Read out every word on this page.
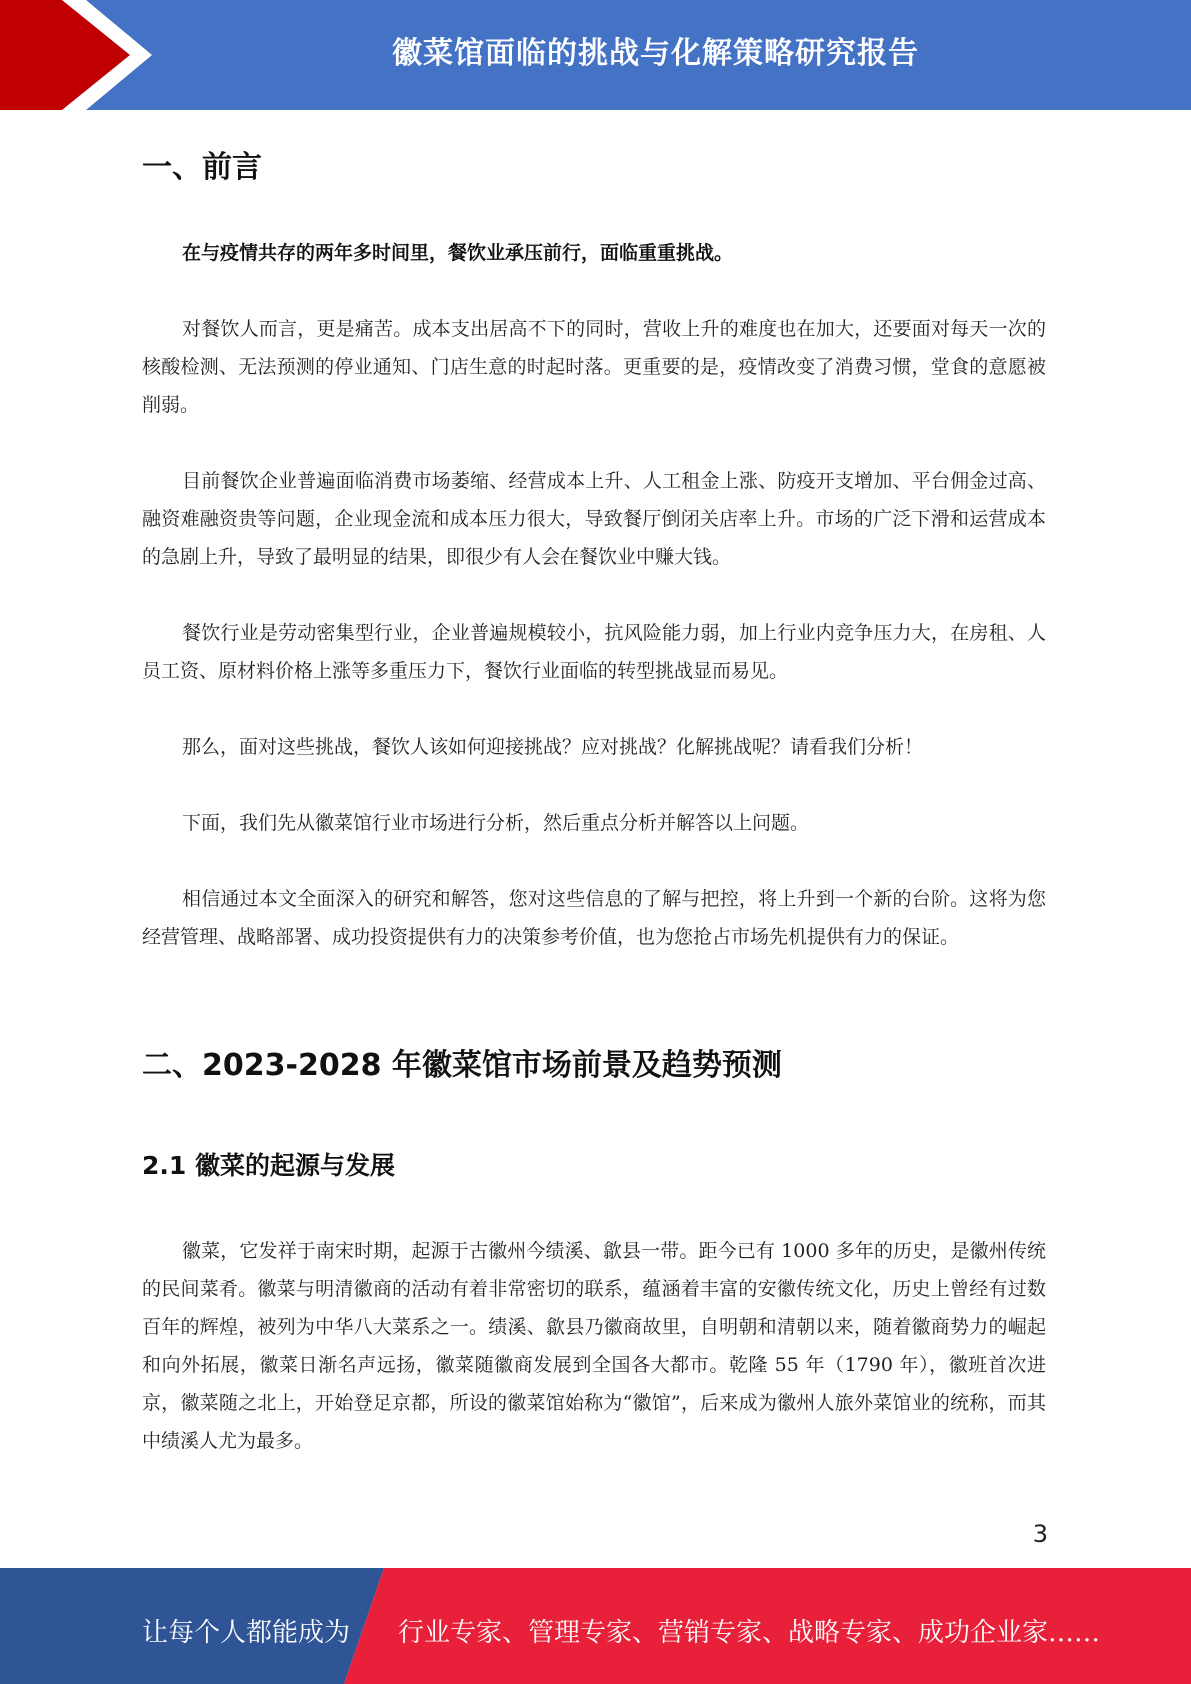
徽菜馆面临的挑战与化解策略研究报告
一、前言

在与疫情共存的两年多时间里，餐饮业承压前行，面临重重挑战。

对餐饮人而言，更是痛苦。成本支出居高不下的同时，营收上升的难度也在加大，还要面对每天一次的核酸检测、无法预测的停业通知、门店生意的时起时落。更重要的是，疫情改变了消费习惯，堂食的意愿被削弱。

目前餐饮企业普遍面临消费市场萎缩、经营成本上升、人工租金上涨、防疫开支增加、平台佣金过高、融资难融资贵等问题，企业现金流和成本压力很大，导致餐厅倒闭关店率上升。市场的广泛下滑和运营成本的急剧上升，导致了最明显的结果，即很少有人会在餐饮业中赚大钱。

餐饮行业是劳动密集型行业，企业普遍规模较小，抗风险能力弱，加上行业内竞争压力大，在房租、人员工资、原材料价格上涨等多重压力下，餐饮行业面临的转型挑战显而易见。

那么，面对这些挑战，餐饮人该如何迎接挑战？应对挑战？化解挑战呢？请看我们分析！

下面，我们先从徽菜馆行业市场进行分析，然后重点分析并解答以上问题。

相信通过本文全面深入的研究和解答，您对这些信息的了解与把控，将上升到一个新的台阶。这将为您经营管理、战略部署、成功投资提供有力的决策参考价值，也为您抢占市场先机提供有力的保证。

二、2023-2028 年徽菜馆市场前景及趋势预测
2.1 徽菜的起源与发展

徽菜，它发祥于南宋时期，起源于古徽州今绩溪、歙县一带。距今已有 1000 多年的历史，是徽州传统的民间菜肴。徽菜与明清徽商的活动有着非常密切的联系，蕴涵着丰富的安徽传统文化，历史上曾经有过数百年的辉煌，被列为中华八大菜系之一。绩溪、歙县乃徽商故里，自明朝和清朝以来，随着徽商势力的崛起和向外拓展，徽菜日渐名声远扬，徽菜随徽商发展到全国各大都市。乾隆 55 年（1790 年），徽班首次进京，徽菜随之北上，开始登足京都，所设的徽菜馆始称为“徽馆”，后来成为徽州人旅外菜馆业的统称，而其中绩溪人尤为最多。

3
让每个人都能成为 行业专家、管理专家、营销专家、战略专家、成功企业家……
